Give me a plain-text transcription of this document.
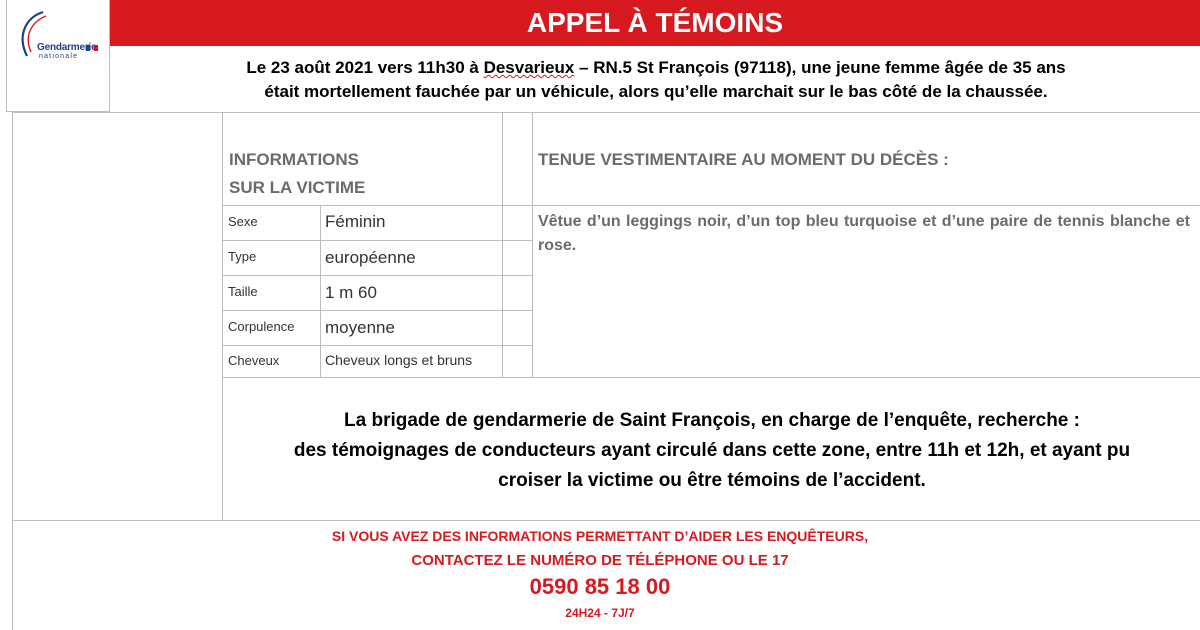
Gendarmerie
nationale
APPEL À TÉMOINS
Le 23 août 2021 vers 11h30 à Desvarieux – RN.5 St François (97118), une jeune femme âgée de 35 ans
était mortellement fauchée par un véhicule, alors qu’elle marchait sur le bas côté de la chaussée.
INFORMATIONS
SUR LA VICTIME
Sexe	Féminin
Type	européenne
Taille	1 m 60
Corpulence moyenne
Cheveux	Cheveux longs et bruns
TENUE VESTIMENTAIRE AU MOMENT DU DÉCÈS :
Vêtue d’un leggings noir, d’un top bleu turquoise et d’une paire de tennis blanche et rose.
La brigade de gendarmerie de Saint François, en charge de l’enquête, recherche :
des témoignages de conducteurs ayant circulé dans cette zone, entre 11h et 12h, et ayant pu
croiser la victime ou être témoins de l’accident.
SI VOUS AVEZ DES INFORMATIONS PERMETTANT D’AIDER LES ENQUÊTEURS,
CONTACTEZ LE NUMÉRO DE TÉLÉPHONE OU LE 17
0590 85 18 00
24H24 - 7J/7
